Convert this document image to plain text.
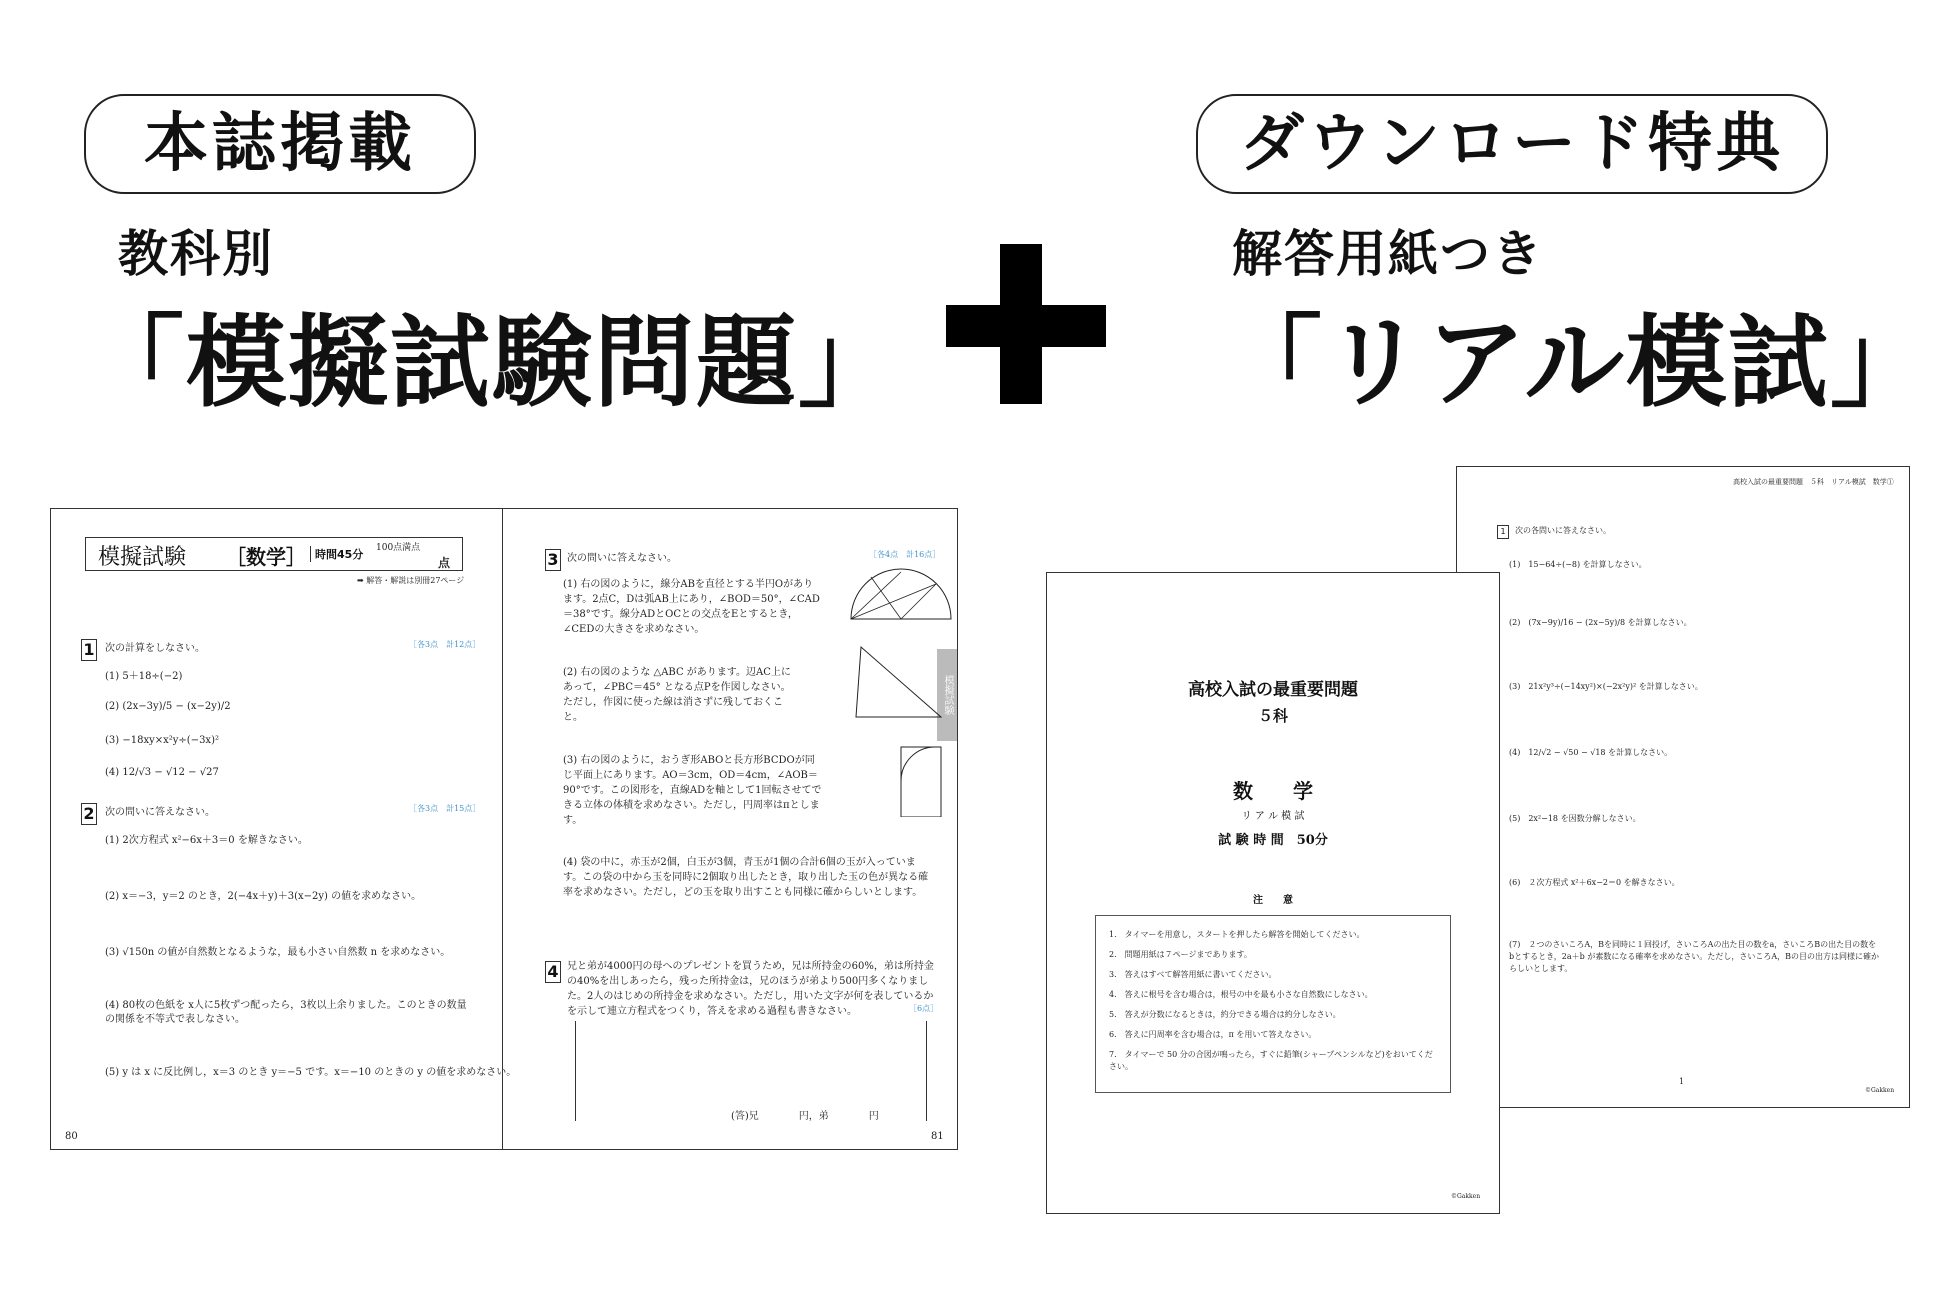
本誌掲載
教科別
「模擬試験問題」
ダウンロード特典
解答用紙つき
「リアル模試」
模擬試験 ［数学］ 時間45分 100点満点
点
➡ 解答・解説は別冊27ページ
1 次の計算をしなさい。	［各3点　計12点］
(1) 5＋18÷(−2)
(2) (2x−3y)/5 − (x−2y)/2
(3) −18xy×x²y÷(−3x)²
(4) 12/√3 − √12 − √27
2 次の問いに答えなさい。	［各3点　計15点］
(1) 2次方程式 x²−6x＋3＝0 を解きなさい。
(2) x＝−3，y＝2 のとき，2(−4x＋y)＋3(x−2y) の値を求めなさい。
(3) √150n の値が自然数となるような，最も小さい自然数 n を求めなさい。
(4) 80枚の色紙を x人に5枚ずつ配ったら，3枚以上余りました。このときの数量の関係を不等式で表しなさい。
(5) y は x に反比例し，x＝3 のとき y＝−5 です。x＝−10 のときの y の値を求めなさい。
80
模擬試験
3 次の問いに答えなさい。	［各4点　計16点］
(1) 右の図のように，線分ABを直径とする半円Oがあります。2点C，Dは弧AB上にあり，∠BOD＝50°，∠CAD＝38°です。線分ADとOCとの交点をEとするとき，∠CEDの大きさを求めなさい。
(2) 右の図のような △ABC があります。辺AC上にあって，∠PBC＝45° となる点Pを作図しなさい。ただし，作図に使った線は消さずに残しておくこと。
(3) 右の図のように，おうぎ形ABOと長方形BCDOが同じ平面上にあります。AO＝3cm，OD＝4cm，∠AOB＝90°です。この図形を，直線ADを軸として1回転させてできる立体の体積を求めなさい。ただし，円周率はπとします。
(4) 袋の中に，赤玉が2個，白玉が3個，青玉が1個の合計6個の玉が入っています。この袋の中から玉を同時に2個取り出したとき，取り出した玉の色が異なる確率を求めなさい。ただし，どの玉を取り出すことも同様に確からしいとします。
4 兄と弟が4000円の母へのプレゼントを買うため，兄は所持金の60%，弟は所持金の40%を出しあったら，残った所持金は，兄のほうが弟より500円多くなりました。2人のはじめの所持金を求めなさい。ただし，用いた文字が何を表しているかを示して連立方程式をつくり，答えを求める過程も書きなさい。	［6点］
(答)兄　　　　円，弟　　　　円
81
高校入試の最重要問題　５科　リアル模試　数学①
1	次の各問いに答えなさい。
(1)　15−64÷(−8) を計算しなさい。
(2)　(7x−9y)/16 − (2x−5y)/8 を計算しなさい。
(3)　21x²y³÷(−14xy²)×(−2x²y)² を計算しなさい。
(4)　12/√2 − √50 − √18 を計算しなさい。
(5)　2x²−18 を因数分解しなさい。
(6)　２次方程式 x²＋6x−2＝0 を解きなさい。
(7)　２つのさいころA，Bを同時に１回投げ，さいころAの出た目の数をa，さいころBの出た目の数をbとするとき，2a＋b が素数になる確率を求めなさい。ただし，さいころA，Bの目の出方は同様に確からしいとします。
1
©Gakken
高校入試の最重要問題
５科
数　　学
リ ア ル 模 試
試 験 時 間　50分
注　　意
1.　タイマーを用意し，スタートを押したら解答を開始してください。
2.　問題用紙は７ページまであります。
3.　答えはすべて解答用紙に書いてください。
4.　答えに根号を含む場合は，根号の中を最も小さな自然数にしなさい。
5.　答えが分数になるときは，約分できる場合は約分しなさい。
6.　答えに円周率を含む場合は，π を用いて答えなさい。
7.　タイマーで 50 分の合図が鳴ったら，すぐに鉛筆(シャープペンシルなど)をおいてください。
©Gakken
